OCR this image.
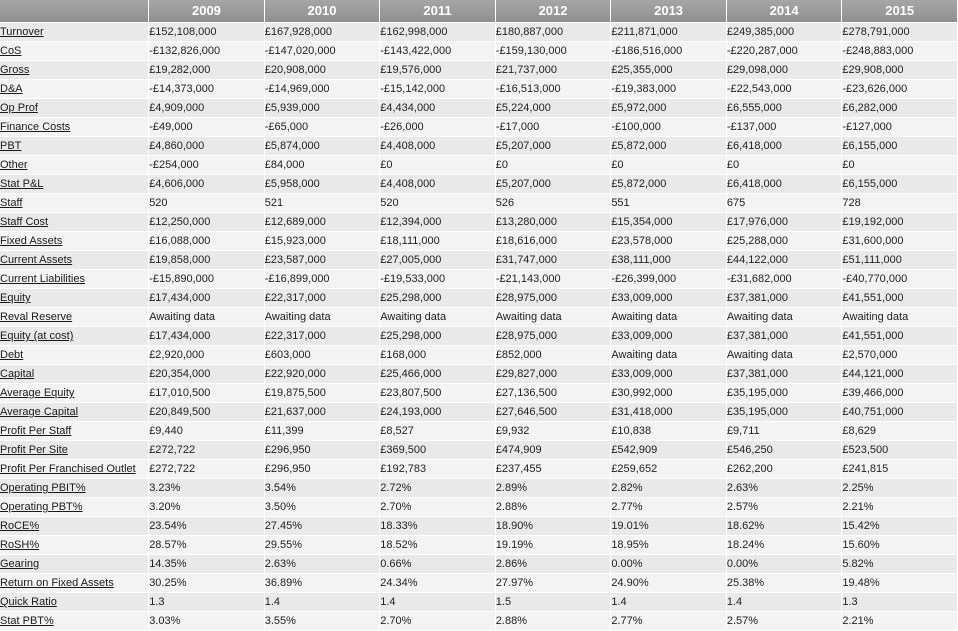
	2009	2010	2011	2012	2013	2014	2015
Turnover	£152,108,000	£167,928,000	£162,998,000	£180,887,000	£211,871,000	£249,385,000	£278,791,000
CoS	-£132,826,000	-£147,020,000	-£143,422,000	-£159,130,000	-£186,516,000	-£220,287,000	-£248,883,000
Gross	£19,282,000	£20,908,000	£19,576,000	£21,737,000	£25,355,000	£29,098,000	£29,908,000
D&A	-£14,373,000	-£14,969,000	-£15,142,000	-£16,513,000	-£19,383,000	-£22,543,000	-£23,626,000
Op Prof	£4,909,000	£5,939,000	£4,434,000	£5,224,000	£5,972,000	£6,555,000	£6,282,000
Finance Costs	-£49,000	-£65,000	-£26,000	-£17,000	-£100,000	-£137,000	-£127,000
PBT	£4,860,000	£5,874,000	£4,408,000	£5,207,000	£5,872,000	£6,418,000	£6,155,000
Other	-£254,000	£84,000	£0	£0	£0	£0	£0
Stat P&L	£4,606,000	£5,958,000	£4,408,000	£5,207,000	£5,872,000	£6,418,000	£6,155,000
Staff	520	521	520	526	551	675	728
Staff Cost	£12,250,000	£12,689,000	£12,394,000	£13,280,000	£15,354,000	£17,976,000	£19,192,000
Fixed Assets	£16,088,000	£15,923,000	£18,111,000	£18,616,000	£23,578,000	£25,288,000	£31,600,000
Current Assets	£19,858,000	£23,587,000	£27,005,000	£31,747,000	£38,111,000	£44,122,000	£51,111,000
Current Liabilities	-£15,890,000	-£16,899,000	-£19,533,000	-£21,143,000	-£26,399,000	-£31,682,000	-£40,770,000
Equity	£17,434,000	£22,317,000	£25,298,000	£28,975,000	£33,009,000	£37,381,000	£41,551,000
Reval Reserve	Awaiting data	Awaiting data	Awaiting data	Awaiting data	Awaiting data	Awaiting data	Awaiting data
Equity (at cost)	£17,434,000	£22,317,000	£25,298,000	£28,975,000	£33,009,000	£37,381,000	£41,551,000
Debt	£2,920,000	£603,000	£168,000	£852,000	Awaiting data	Awaiting data	£2,570,000
Capital	£20,354,000	£22,920,000	£25,466,000	£29,827,000	£33,009,000	£37,381,000	£44,121,000
Average Equity	£17,010,500	£19,875,500	£23,807,500	£27,136,500	£30,992,000	£35,195,000	£39,466,000
Average Capital	£20,849,500	£21,637,000	£24,193,000	£27,646,500	£31,418,000	£35,195,000	£40,751,000
Profit Per Staff	£9,440	£11,399	£8,527	£9,932	£10,838	£9,711	£8,629
Profit Per Site	£272,722	£296,950	£369,500	£474,909	£542,909	£546,250	£523,500
Profit Per Franchised Outlet	£272,722	£296,950	£192,783	£237,455	£259,652	£262,200	£241,815
Operating PBIT%	3.23%	3.54%	2.72%	2.89%	2.82%	2.63%	2.25%
Operating PBT%	3.20%	3.50%	2.70%	2.88%	2.77%	2.57%	2.21%
RoCE%	23.54%	27.45%	18.33%	18.90%	19.01%	18.62%	15.42%
RoSH%	28.57%	29.55%	18.52%	19.19%	18.95%	18.24%	15.60%
Gearing	14.35%	2.63%	0.66%	2.86%	0.00%	0.00%	5.82%
Return on Fixed Assets	30.25%	36.89%	24.34%	27.97%	24.90%	25.38%	19.48%
Quick Ratio	1.3	1.4	1.4	1.5	1.4	1.4	1.3
Stat PBT%	3.03%	3.55%	2.70%	2.88%	2.77%	2.57%	2.21%
